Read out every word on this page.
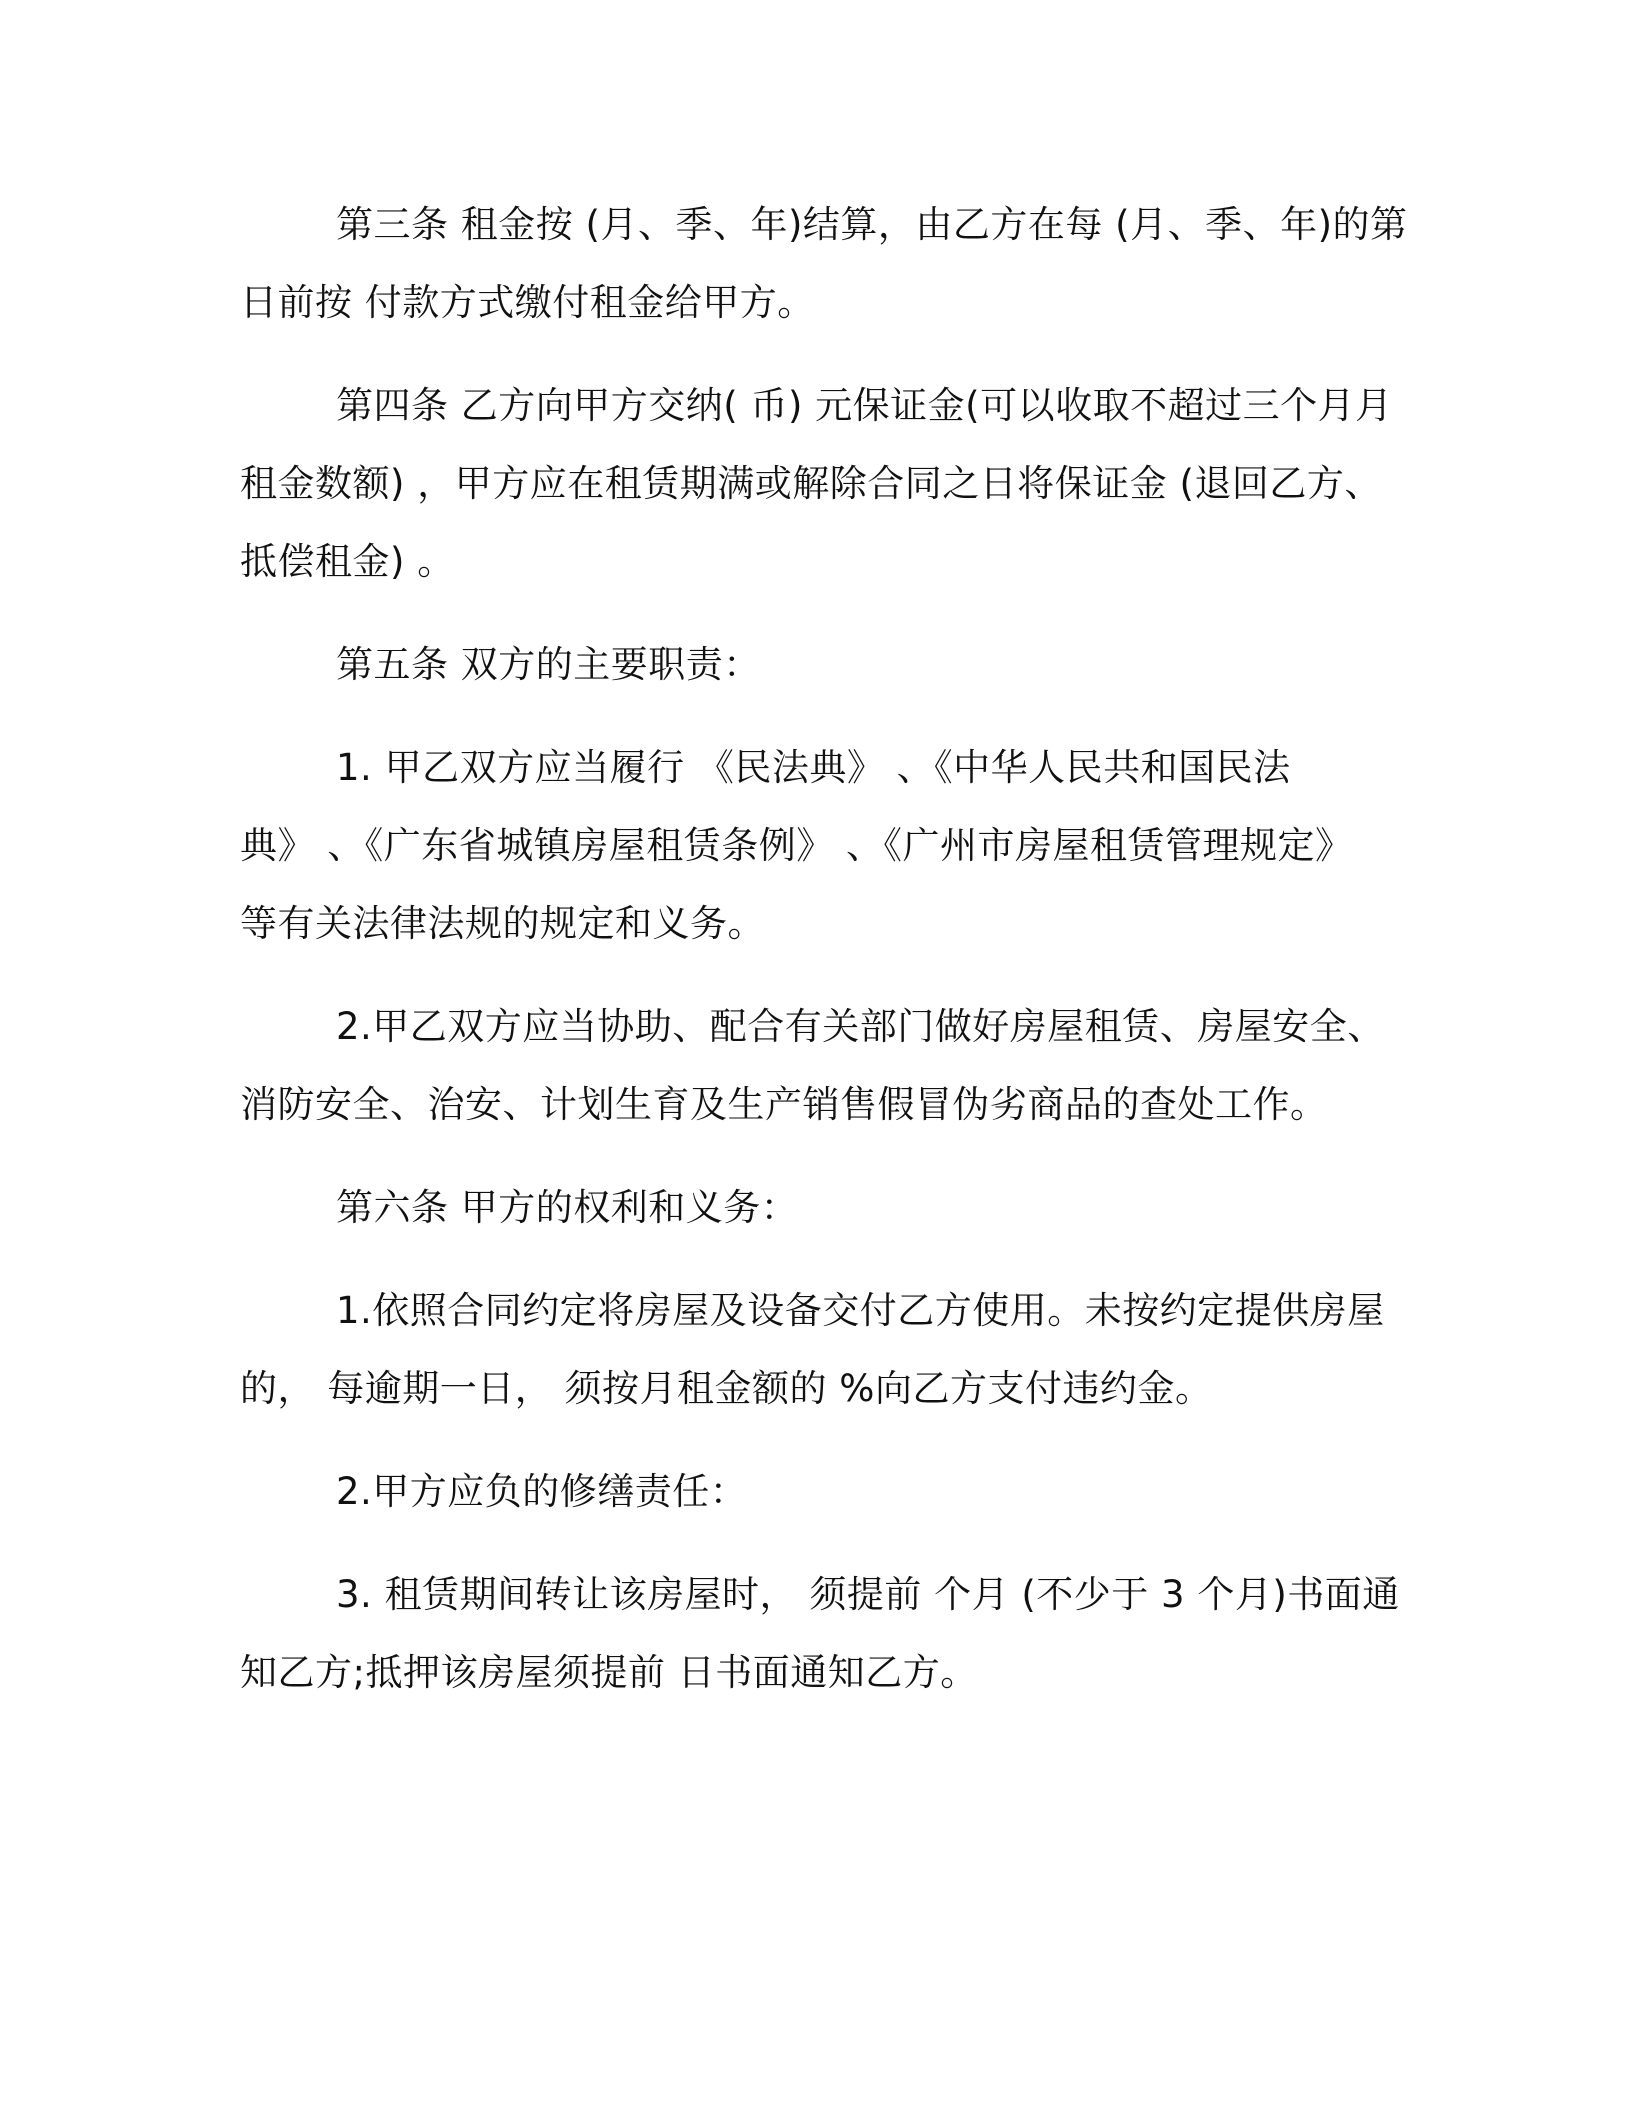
第三条 租金按 (月、季、年)结算，由乙方在每 (月、季、年)的第
日前按 付款方式缴付租金给甲方。

第四条 乙方向甲方交纳( 币) 元保证金(可以收取不超过三个月月
租金数额) ，甲方应在租赁期满或解除合同之日将保证金 (退回乙方、
抵偿租金) 。

第五条 双方的主要职责：

1. 甲乙双方应当履行 《民法典》 、《中华人民共和国民法
典》 、《广东省城镇房屋租赁条例》 、《广州市房屋租赁管理规定》
等有关法律法规的规定和义务。

2.甲乙双方应当协助、配合有关部门做好房屋租赁、房屋安全、
消防安全、治安、计划生育及生产销售假冒伪劣商品的查处工作。

第六条 甲方的权利和义务：

1.依照合同约定将房屋及设备交付乙方使用。未按约定提供房屋
的， 每逾期一日， 须按月租金额的 %向乙方支付违约金。

2.甲方应负的修缮责任：

3. 租赁期间转让该房屋时， 须提前 个月 (不少于 3 个月)书面通
知乙方;抵押该房屋须提前 日书面通知乙方。
